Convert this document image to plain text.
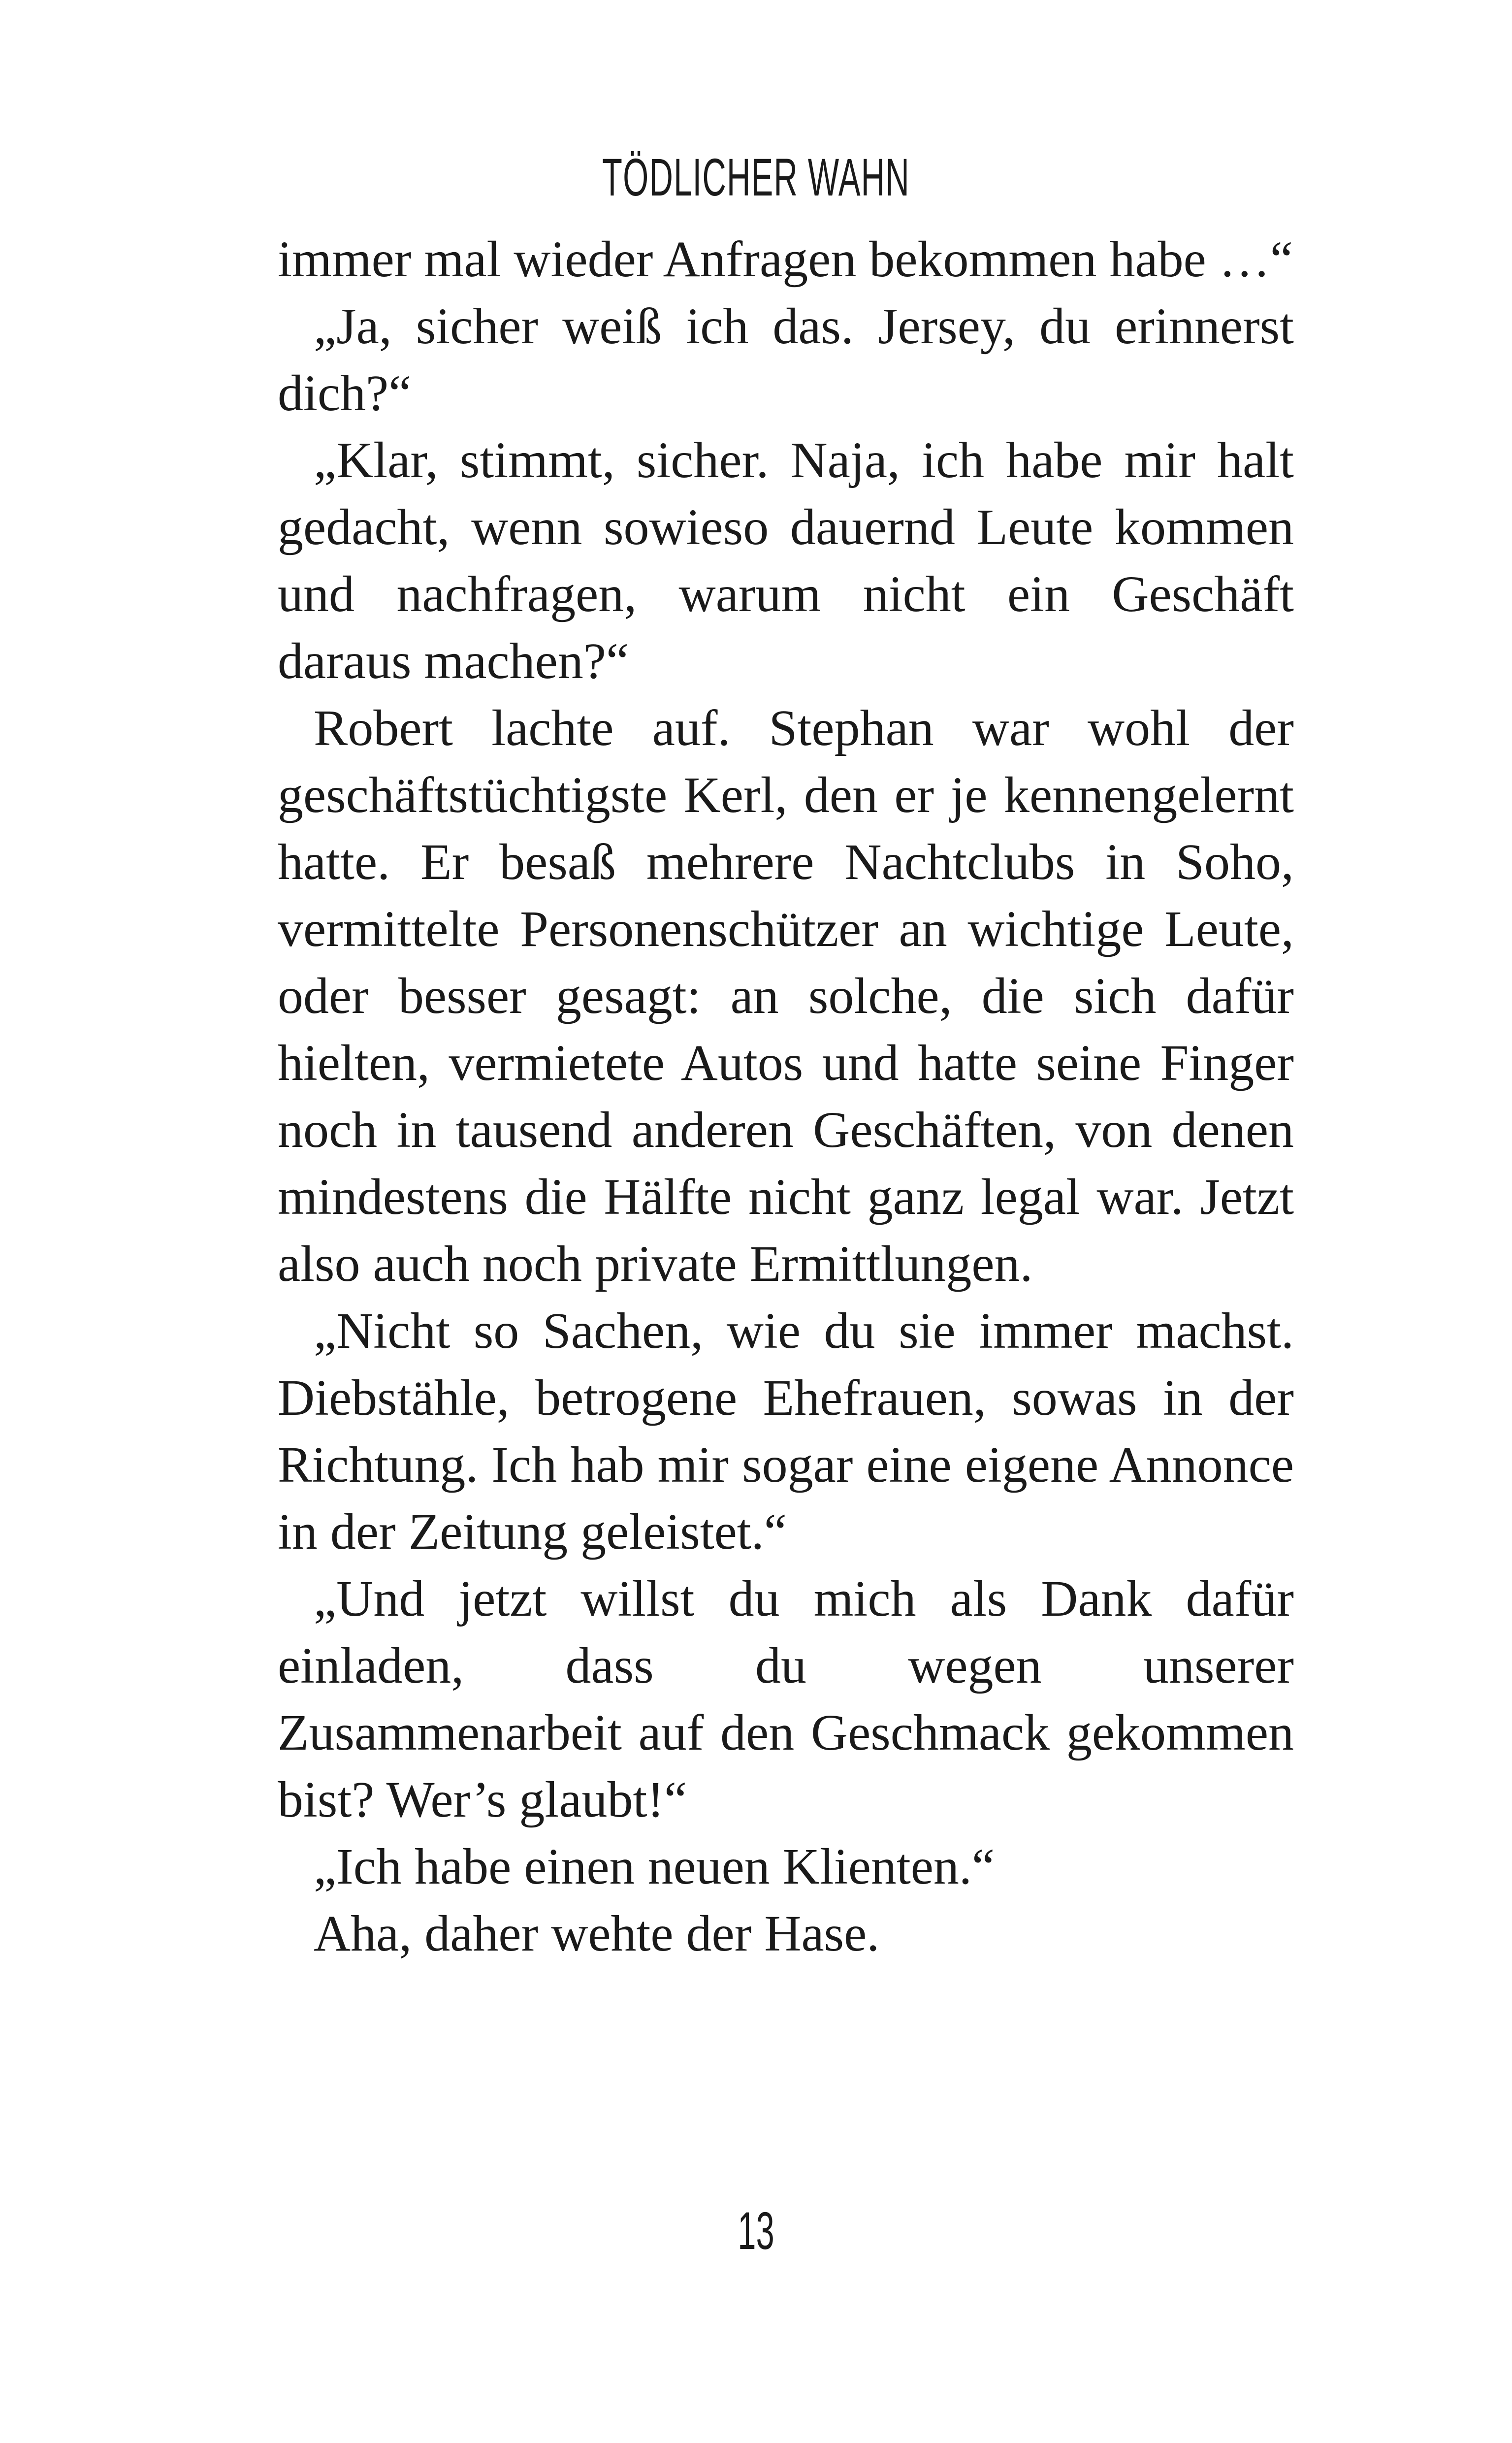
TÖDLICHER WAHN

immer mal wieder Anfragen bekommen habe …“

„Ja, sicher weiß ich das. Jersey, du erinnerst dich?“

„Klar, stimmt, sicher. Naja, ich habe mir halt gedacht, wenn sowieso dauernd Leute kommen und nachfragen, warum nicht ein Geschäft daraus machen?“

Robert lachte auf. Stephan war wohl der geschäftstüchtigste Kerl, den er je kennengelernt hatte. Er besaß mehrere Nachtclubs in Soho, vermittelte Personenschützer an wichtige Leute, oder besser gesagt: an solche, die sich dafür hielten, vermietete Autos und hatte seine Finger noch in tausend anderen Geschäften, von denen mindestens die Hälfte nicht ganz legal war. Jetzt also auch noch private Ermittlungen.

„Nicht so Sachen, wie du sie immer machst. Diebstähle, betrogene Ehefrauen, sowas in der Richtung. Ich hab mir sogar eine eigene Annonce in der Zeitung geleistet.“

„Und jetzt willst du mich als Dank dafür einladen, dass du wegen unserer Zusammenarbeit auf den Geschmack gekommen bist? Wer’s glaubt!“

„Ich habe einen neuen Klienten.“

Aha, daher wehte der Hase.

13
